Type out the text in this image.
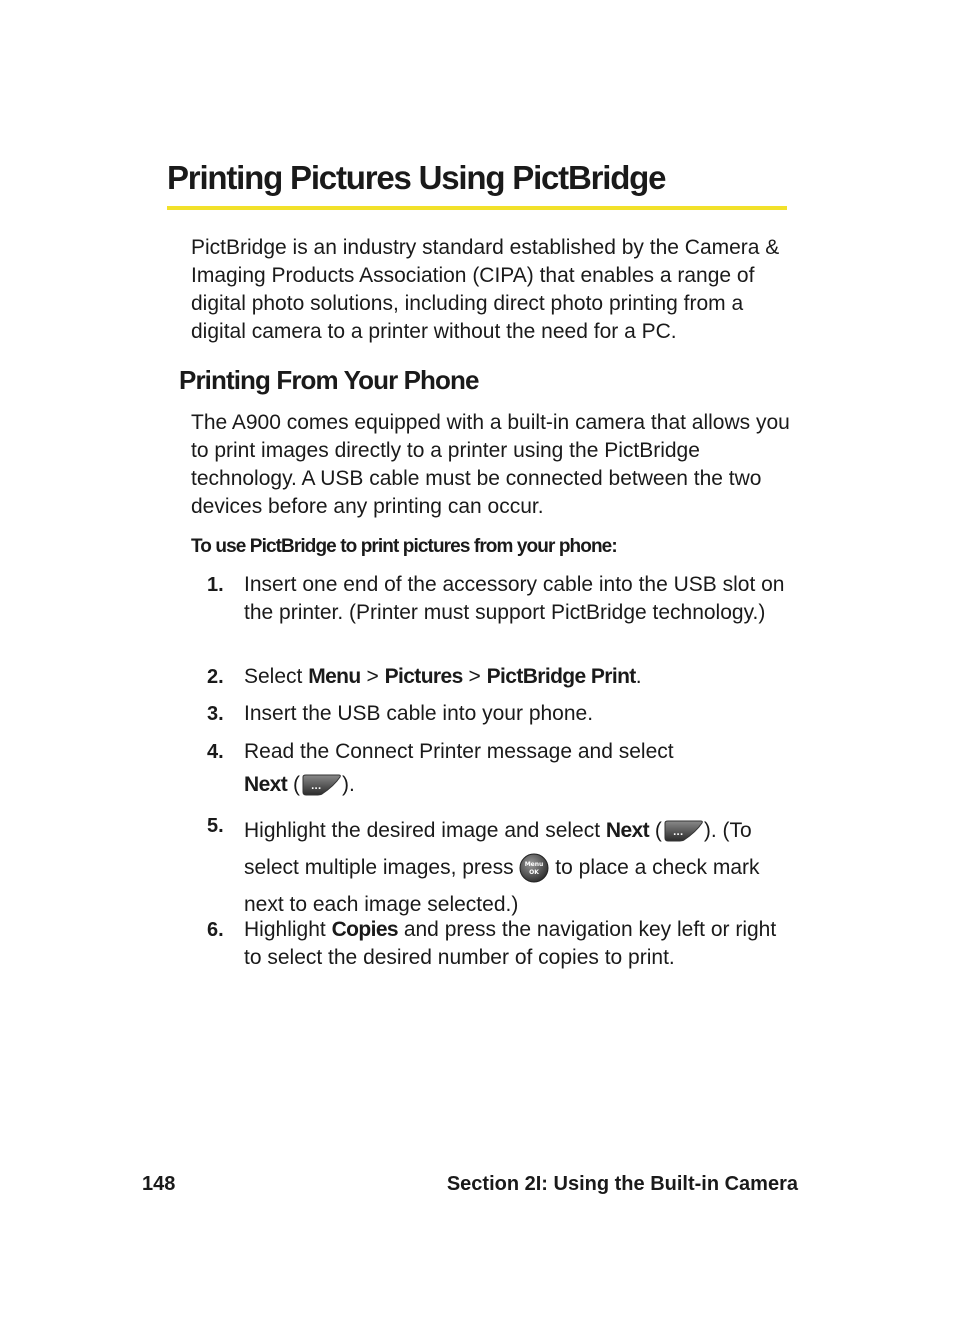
Printing Pictures Using PictBridge

PictBridge is an industry standard established by the Camera & Imaging Products Association (CIPA) that enables a range of digital photo solutions, including direct photo printing from a digital camera to a printer without the need for a PC.

Printing From Your Phone

The A900 comes equipped with a built-in camera that allows you to print images directly to a printer using the PictBridge technology. A USB cable must be connected between the two devices before any printing can occur.

To use PictBridge to print pictures from your phone:
1. Insert one end of the accessory cable into the USB slot on the printer. (Printer must support PictBridge technology.)
2. Select Menu > Pictures > PictBridge Print.
3. Insert the USB cable into your phone.
4. Read the Connect Printer message and select
Next ( ... ).
5. Highlight the desired image and select Next ( ... ). (To select multiple images, press Menu
OK to place a check mark next to each image selected.)
6. Highlight Copies and press the navigation key left or right to select the desired number of copies to print.
148	Section 2I: Using the Built-in Camera
